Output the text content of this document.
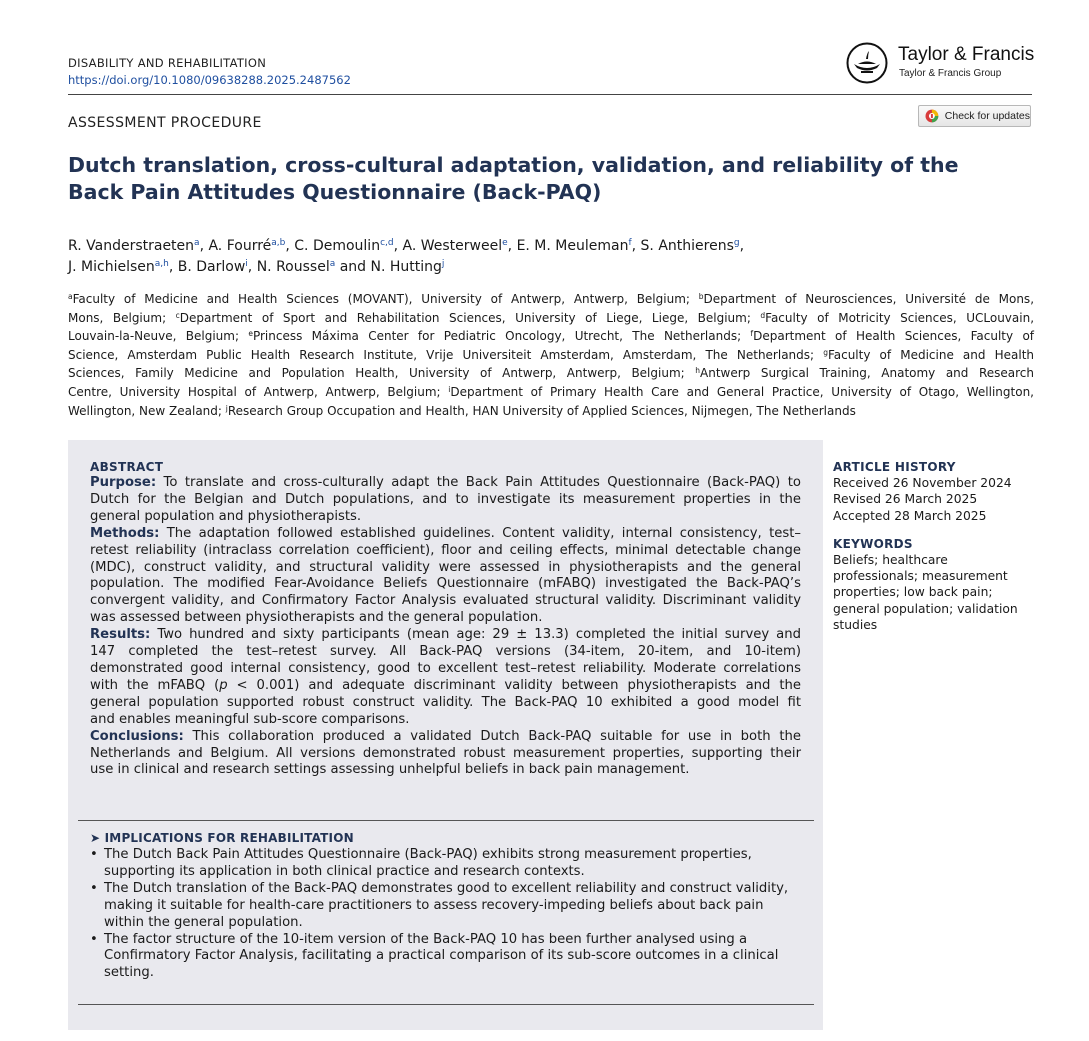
DISABILITY AND REHABILITATION
https://doi.org/10.1080/09638288.2025.2487562
Taylor & Francis
Taylor & Francis Group
ASSESSMENT PROCEDURE	Check for updates
Dutch translation, cross-cultural adaptation, validation, and reliability of the
Back Pain Attitudes Questionnaire (Back-PAQ)
R. Vanderstraeten$^a$, A. Fourré$^{a,b}$, C. Demoulin$^{c,d}$, A. Westerweel$^e$, E. M. Meuleman$^f$, S. Anthierens$^g$,
J. Michielsen$^{a,h}$, B. Darlow$^i$, N. Roussel$^a$ and N. Hutting$^j$
$^a$Faculty of Medicine and Health Sciences (MOVANT), University of Antwerp, Antwerp, Belgium; $^b$Department of Neurosciences, Université de Mons,
Mons, Belgium; $^c$Department of Sport and Rehabilitation Sciences, University of Liege, Liege, Belgium; $^d$Faculty of Motricity Sciences, UCLouvain,
Louvain-la-Neuve, Belgium; $^e$Princess Máxima Center for Pediatric Oncology, Utrecht, The Netherlands; $^f$Department of Health Sciences, Faculty of
Science, Amsterdam Public Health Research Institute, Vrije Universiteit Amsterdam, Amsterdam, The Netherlands; $^g$Faculty of Medicine and Health
Sciences, Family Medicine and Population Health, University of Antwerp, Antwerp, Belgium; $^h$Antwerp Surgical Training, Anatomy and Research
Centre, University Hospital of Antwerp, Antwerp, Belgium; $^i$Department of Primary Health Care and General Practice, University of Otago, Wellington,
Wellington, New Zealand; $^j$Research Group Occupation and Health, HAN University of Applied Sciences, Nijmegen, The Netherlands
ABSTRACT
Purpose: To translate and cross-culturally adapt the Back Pain Attitudes Questionnaire (Back-PAQ) to
Dutch for the Belgian and Dutch populations, and to investigate its measurement properties in the
general population and physiotherapists.
Methods: The adaptation followed established guidelines. Content validity, internal consistency, test–
retest reliability (intraclass correlation coefficient), floor and ceiling effects, minimal detectable change
(MDC), construct validity, and structural validity were assessed in physiotherapists and the general
population. The modified Fear-Avoidance Beliefs Questionnaire (mFABQ) investigated the Back-PAQ’s
convergent validity, and Confirmatory Factor Analysis evaluated structural validity. Discriminant validity
was assessed between physiotherapists and the general population.
Results: Two hundred and sixty participants (mean age: 29 ± 13.3) completed the initial survey and
147 completed the test–retest survey. All Back-PAQ versions (34-item, 20-item, and 10-item)
demonstrated good internal consistency, good to excellent test–retest reliability. Moderate correlations
with the mFABQ (p < 0.001) and adequate discriminant validity between physiotherapists and the
general population supported robust construct validity. The Back-PAQ 10 exhibited a good model fit
and enables meaningful sub-score comparisons.
Conclusions: This collaboration produced a validated Dutch Back-PAQ suitable for use in both the
Netherlands and Belgium. All versions demonstrated robust measurement properties, supporting their
use in clinical and research settings assessing unhelpful beliefs in back pain management.
➤ IMPLICATIONS FOR REHABILITATION
• The Dutch Back Pain Attitudes Questionnaire (Back-PAQ) exhibits strong measurement properties, supporting its application in both clinical practice and research contexts.
• The Dutch translation of the Back-PAQ demonstrates good to excellent reliability and construct validity, making it suitable for health-care practitioners to assess recovery-impeding beliefs about back pain within the general population.
• The factor structure of the 10-item version of the Back-PAQ 10 has been further analysed using a Confirmatory Factor Analysis, facilitating a practical comparison of its sub-score outcomes in a clinical setting.
ARTICLE HISTORY
Received 26 November 2024
Revised 26 March 2025
Accepted 28 March 2025
KEYWORDS
Beliefs; healthcare
professionals; measurement
properties; low back pain;
general population; validation
studies
